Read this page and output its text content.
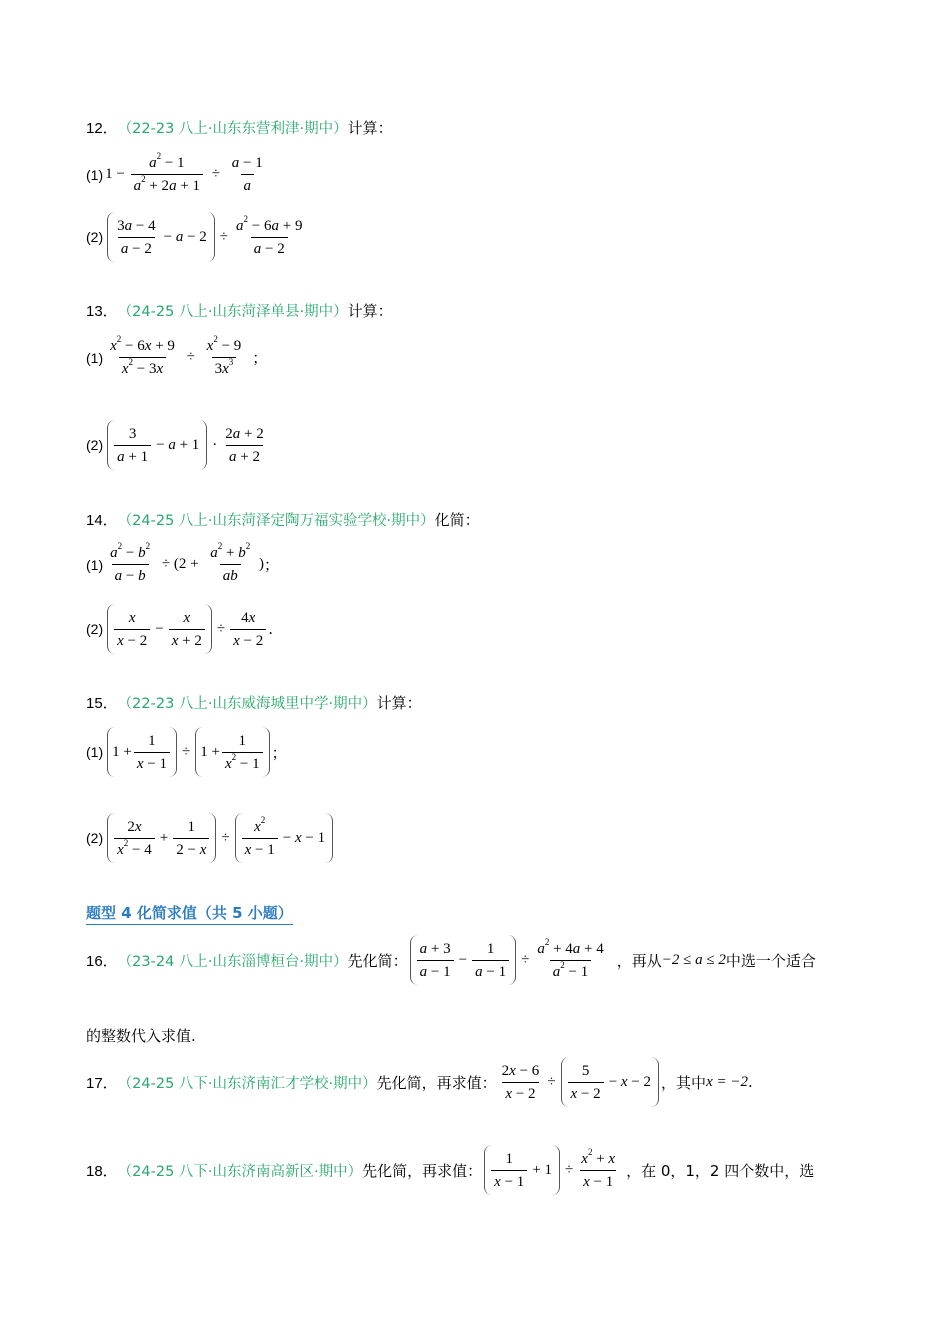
12． （22-23 八上·山东东营利津·期中） 计算：
(1) $1 - \frac{a^2 - 1}{a^2 + 2a + 1} \div \frac{a - 1}{a}$
$(2) \frac{3a - 4}{a - 2} - a - 2 \div \frac{a^2 - 6a + 9}{a - 2}$
13． （24-25 八上·山东菏泽单县·期中） 计算：
$(1) \frac{x^2 - 6x + 9}{x^2 - 3x} \div \frac{x^2 - 9}{3x^3}$ ；
$(2) \frac{3}{a + 1} - a + 1 \cdot \frac{2a + 2}{a + 2}$
14． （24-25 八上·山东菏泽定陶万福实验学校·期中） 化简：
$(1) \frac{a^2 - b^2}{a - b} \div (2 + \frac{a^2 + b^2}{ab}$ ) ；
$(2) \frac{x}{x - 2} - \frac{x}{x + 2} \div \frac{4x}{x - 2}$ .
15． （22-23 八上·山东威海城里中学·期中） 计算：
(1) $1 + \frac{1}{x - 1} \div 1 + \frac{1}{x^2 - 1}$ ；
$(2) \frac{2x}{x^2 - 4} + \frac{1}{2 - x} \div \frac{x^2}{x - 1} - x - 1$
题型 4 化简求值（共 5 小题）
16． （23-24 八上·山东淄博桓台·期中） 先化简： $\frac{a + 3}{a - 1} - \frac{1}{a - 1} \div \frac{a^2 + 4a + 4}{a^2 - 1}$ ，再从 −2 ≤ a ≤ 2 中选一个适合
的整数代入求值.
17． （24-25 八下·山东济南汇才学校·期中） 先化简，再求值： $\frac{2x - 6}{x - 2} \div \frac{5}{x - 2} - x - 2$ ，其中 x = −2 .
18． （24-25 八下·山东济南高新区·期中） 先化简，再求值： $\frac{1}{x - 1} + 1 \div \frac{x^2 + x}{x - 1}$ ，在 0，1，2 四个数中，选
